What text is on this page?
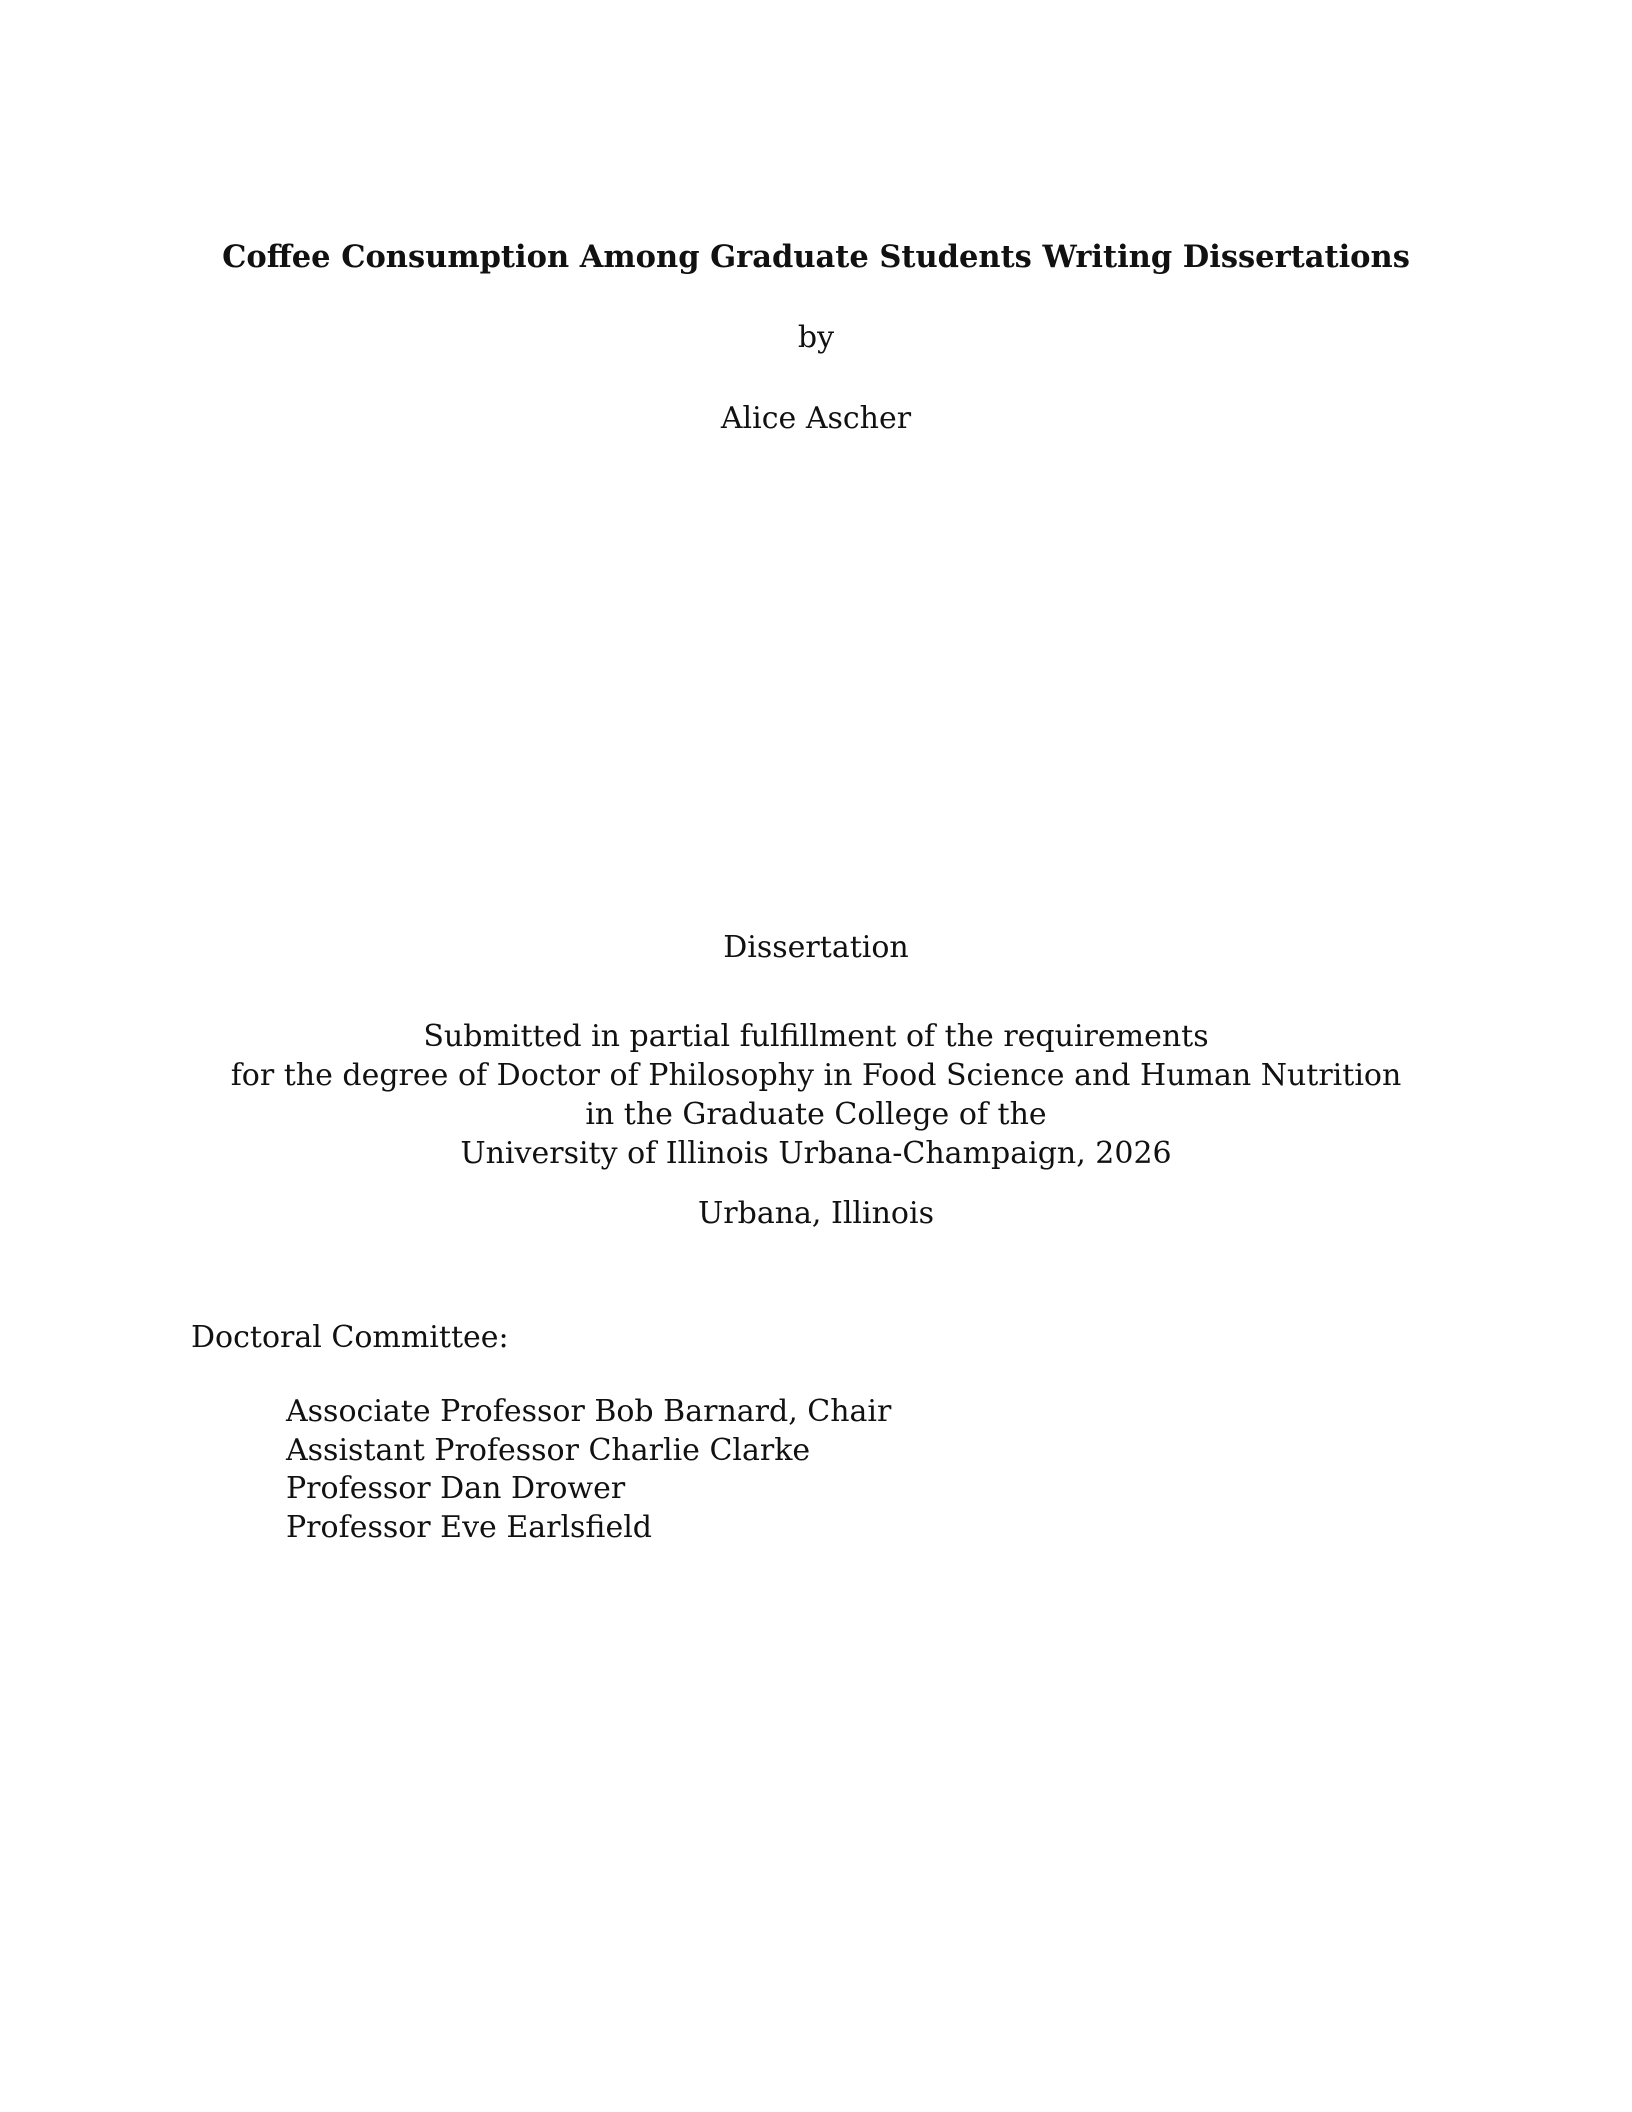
Coffee Consumption Among Graduate Students Writing Dissertations
by
Alice Ascher
Dissertation
Submitted in partial fulfillment of the requirements
for the degree of Doctor of Philosophy in Food Science and Human Nutrition
in the Graduate College of the
University of Illinois Urbana-Champaign, 2026
Urbana, Illinois
Doctoral Committee:
Associate Professor Bob Barnard, Chair
Assistant Professor Charlie Clarke
Professor Dan Drower
Professor Eve Earlsfield
